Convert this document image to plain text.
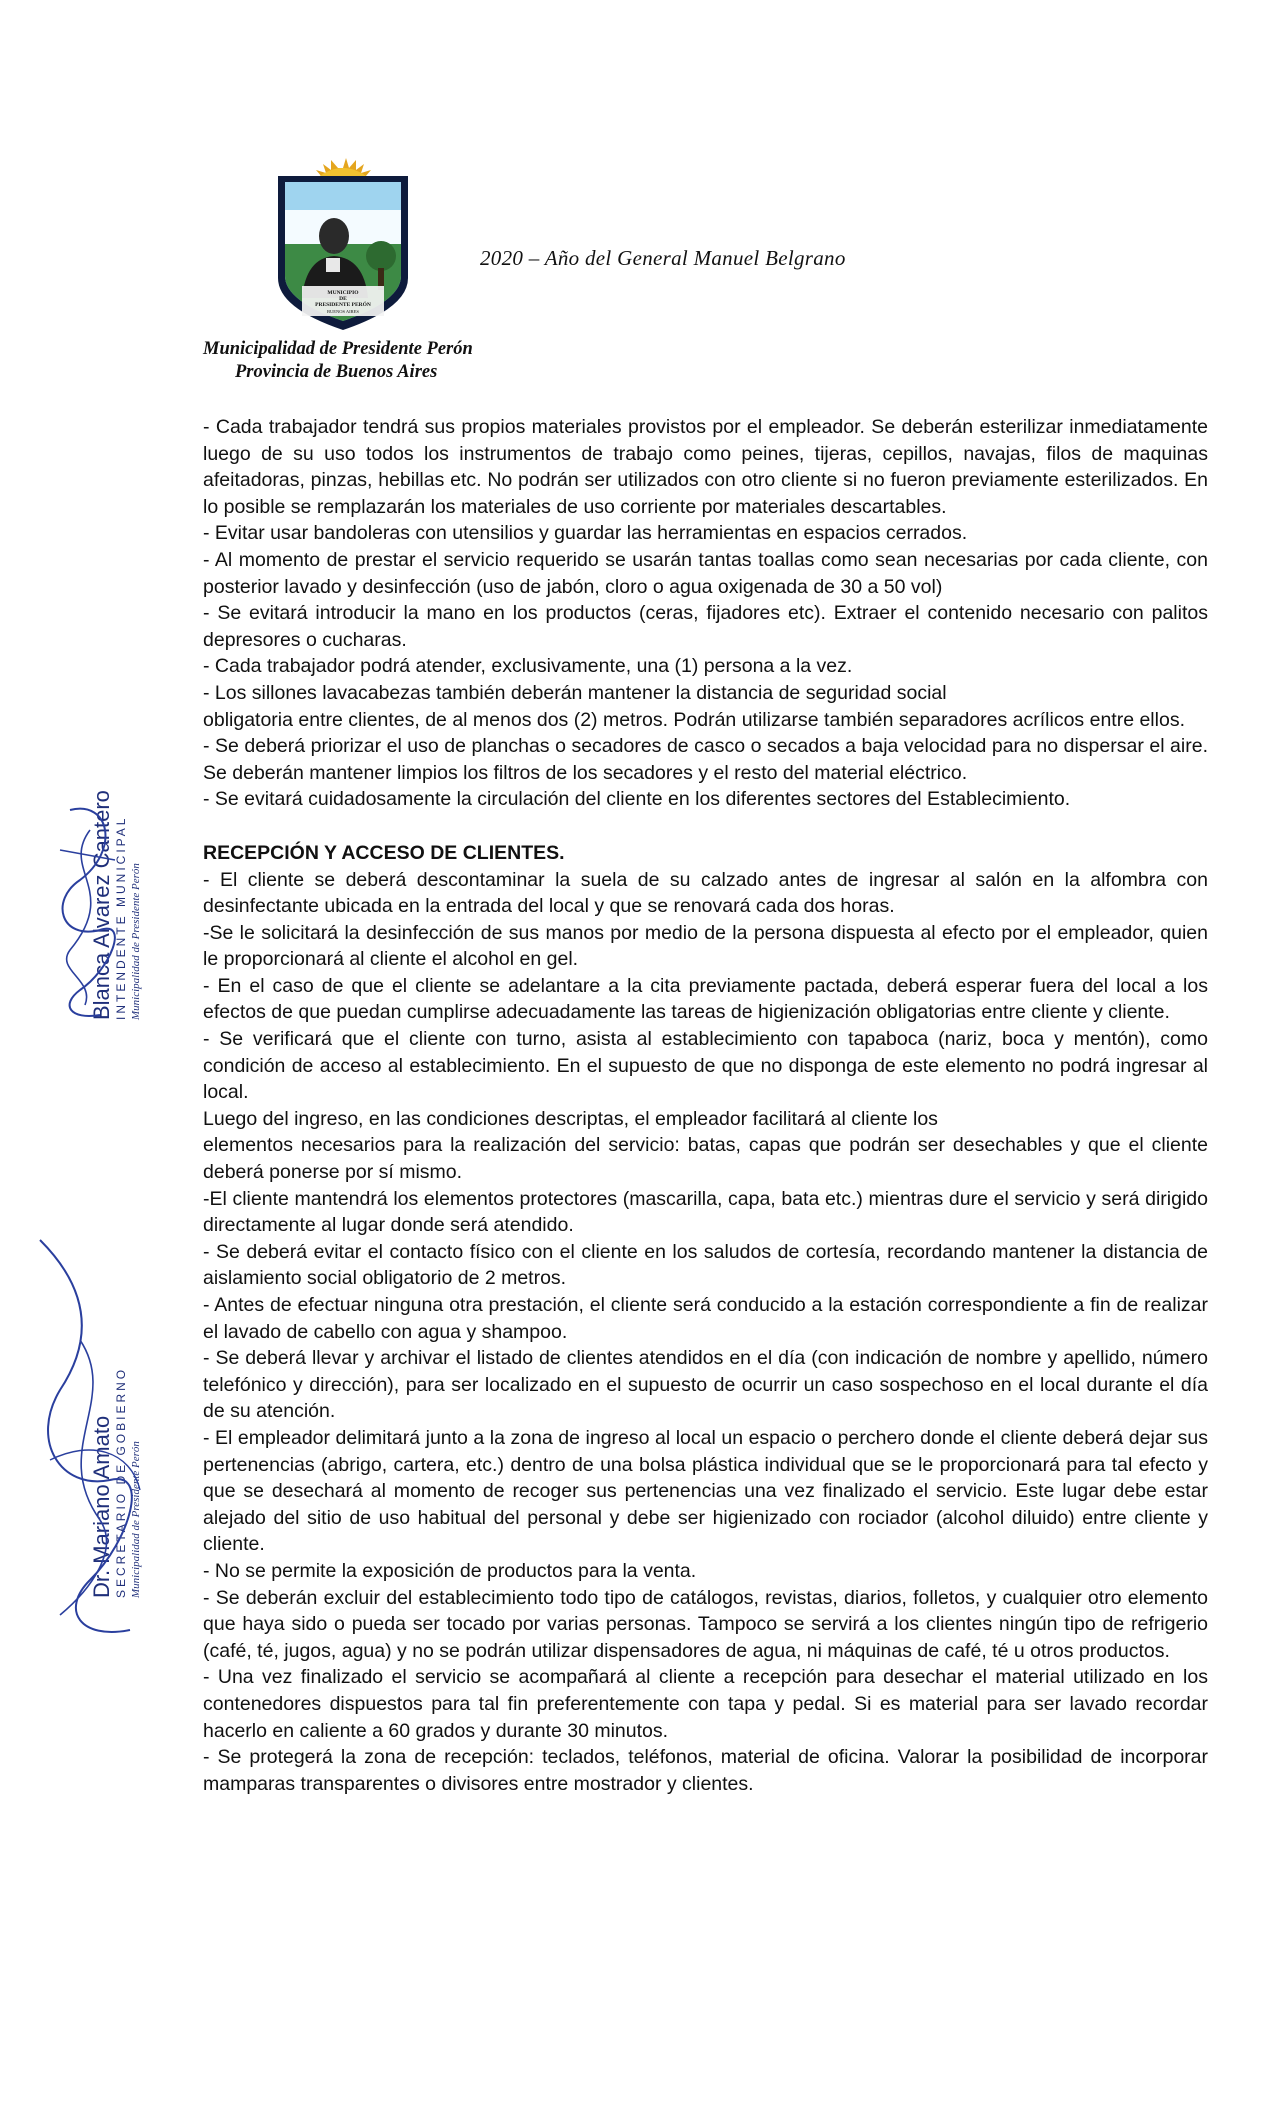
MUNICIPIO
DE
PRESIDENTE PERÓN
BUENOS AIRES
2020 – Año del General Manuel Belgrano
Municipalidad de Presidente Perón
Provincia de Buenos Aires

- Cada trabajador tendrá sus propios materiales provistos por el empleador. Se deberán esterilizar inmediatamente luego de su uso todos los instrumentos de trabajo como peines, tijeras, cepillos, navajas, filos de maquinas afeitadoras, pinzas, hebillas etc. No podrán ser utilizados con otro cliente si no fueron previamente esterilizados. En lo posible se remplazarán los materiales de uso corriente por materiales descartables.

- Evitar usar bandoleras con utensilios y guardar las herramientas en espacios cerrados.

- Al momento de prestar el servicio requerido se usarán tantas toallas como sean necesarias por cada cliente, con posterior lavado y desinfección (uso de jabón, cloro o agua oxigenada de 30 a 50 vol)

- Se evitará introducir la mano en los productos (ceras, fijadores etc). Extraer el contenido necesario con palitos depresores o cucharas.

- Cada trabajador podrá atender, exclusivamente, una (1) persona a la vez.

- Los sillones lavacabezas también deberán mantener la distancia de seguridad social

obligatoria entre clientes, de al menos dos (2) metros. Podrán utilizarse también separadores acrílicos entre ellos.

- Se deberá priorizar el uso de planchas o secadores de casco o secados a baja velocidad para no dispersar el aire. Se deberán mantener limpios los filtros de los secadores y el resto del material eléctrico.

- Se evitará cuidadosamente la circulación del cliente en los diferentes sectores del Establecimiento.

RECEPCIÓN Y ACCESO DE CLIENTES.

- El cliente se deberá descontaminar la suela de su calzado antes de ingresar al salón en la alfombra con desinfectante ubicada en la entrada del local y que se renovará cada dos horas.

-Se le solicitará la desinfección de sus manos por medio de la persona dispuesta al efecto por el empleador, quien le proporcionará al cliente el alcohol en gel.

- En el caso de que el cliente se adelantare a la cita previamente pactada, deberá esperar fuera del local a los efectos de que puedan cumplirse adecuadamente las tareas de higienización obligatorias entre cliente y cliente.

- Se verificará que el cliente con turno, asista al establecimiento con tapaboca (nariz, boca y mentón), como condición de acceso al establecimiento. En el supuesto de que no disponga de este elemento no podrá ingresar al local.

Luego del ingreso, en las condiciones descriptas, el empleador facilitará al cliente los

elementos necesarios para la realización del servicio: batas, capas que podrán ser desechables y que el cliente deberá ponerse por sí mismo.

-El cliente mantendrá los elementos protectores (mascarilla, capa, bata etc.) mientras dure el servicio y será dirigido directamente al lugar donde será atendido.

- Se deberá evitar el contacto físico con el cliente en los saludos de cortesía, recordando mantener la distancia de aislamiento social obligatorio de 2 metros.

- Antes de efectuar ninguna otra prestación, el cliente será conducido a la estación correspondiente a fin de realizar el lavado de cabello con agua y shampoo.

- Se deberá llevar y archivar el listado de clientes atendidos en el día (con indicación de nombre y apellido, número telefónico y dirección), para ser localizado en el supuesto de ocurrir un caso sospechoso en el local durante el día de su atención.

- El empleador delimitará junto a la zona de ingreso al local un espacio o perchero donde el cliente deberá dejar sus pertenencias (abrigo, cartera, etc.) dentro de una bolsa plástica individual que se le proporcionará para tal efecto y que se desechará al momento de recoger sus pertenencias una vez finalizado el servicio. Este lugar debe estar alejado del sitio de uso habitual del personal y debe ser higienizado con rociador (alcohol diluido) entre cliente y cliente.

- No se permite la exposición de productos para la venta.

- Se deberán excluir del establecimiento todo tipo de catálogos, revistas, diarios, folletos, y cualquier otro elemento que haya sido o pueda ser tocado por varias personas. Tampoco se servirá a los clientes ningún tipo de refrigerio (café, té, jugos, agua) y no se podrán utilizar dispensadores de agua, ni máquinas de café, té u otros productos.

- Una vez finalizado el servicio se acompañará al cliente a recepción para desechar el material utilizado en los contenedores dispuestos para tal fin preferentemente con tapa y pedal. Si es material para ser lavado recordar hacerlo en caliente a 60 grados y durante 30 minutos.

- Se protegerá la zona de recepción: teclados, teléfonos, material de oficina. Valorar la posibilidad de incorporar mamparas transparentes o divisores entre mostrador y clientes.

Blanca Alvarez Cantero INTENDENTE MUNICIPAL Municipalidad de Presidente Perón
Dr. Mariano Amato SECRETARIO DE GOBIERNO Municipalidad de Presidente Perón
